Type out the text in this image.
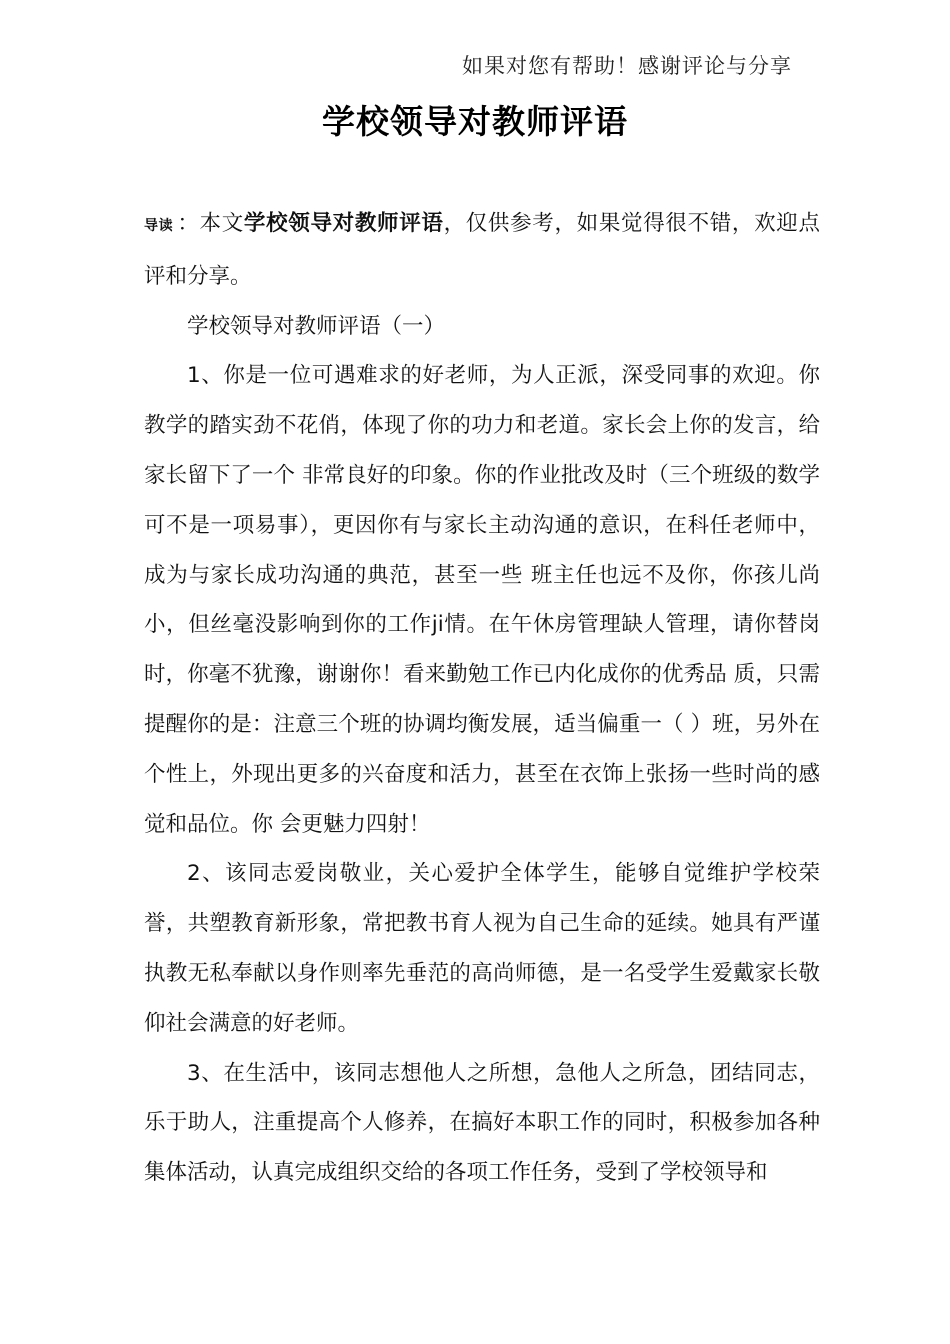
如果对您有帮助！感谢评论与分享
学校领导对教师评语

导读 ：本文学校领导对教师评语，仅供参考，如果觉得很不错，欢迎点评和分享。

学校领导对教师评语（一）

1、你是一位可遇难求的好老师，为人正派，深受同事的欢迎。你教学的踏实劲不花俏，体现了你的功力和老道。家长会上你的发言，给家长留下了一个 非常良好的印象。你的作业批改及时（三个班级的数学可不是一项易事），更因你有与家长主动沟通的意识，在科任老师中，成为与家长成功沟通的典范，甚至一些 班主任也远不及你，你孩儿尚小，但丝毫没影响到你的工作ji情。在午休房管理缺人管理，请你替岗时，你毫不犹豫，谢谢你！看来勤勉工作已内化成你的优秀品 质，只需提醒你的是：注意三个班的协调均衡发展，适当偏重一（ ）班，另外在个性上，外现出更多的兴奋度和活力，甚至在衣饰上张扬一些时尚的感觉和品位。你 会更魅力四射！

2、该同志爱岗敬业，关心爱护全体学生，能够自觉维护学校荣誉，共塑教育新形象，常把教书育人视为自己生命的延续。她具有严谨执教无私奉献以身作则率先垂范的高尚师德，是一名受学生爱戴家长敬仰社会满意的好老师。

3、在生活中，该同志想他人之所想，急他人之所急，团结同志，乐于助人，注重提高个人修养，在搞好本职工作的同时，积极参加各种集体活动，认真完成组织交给的各项工作任务，受到了学校领导和
